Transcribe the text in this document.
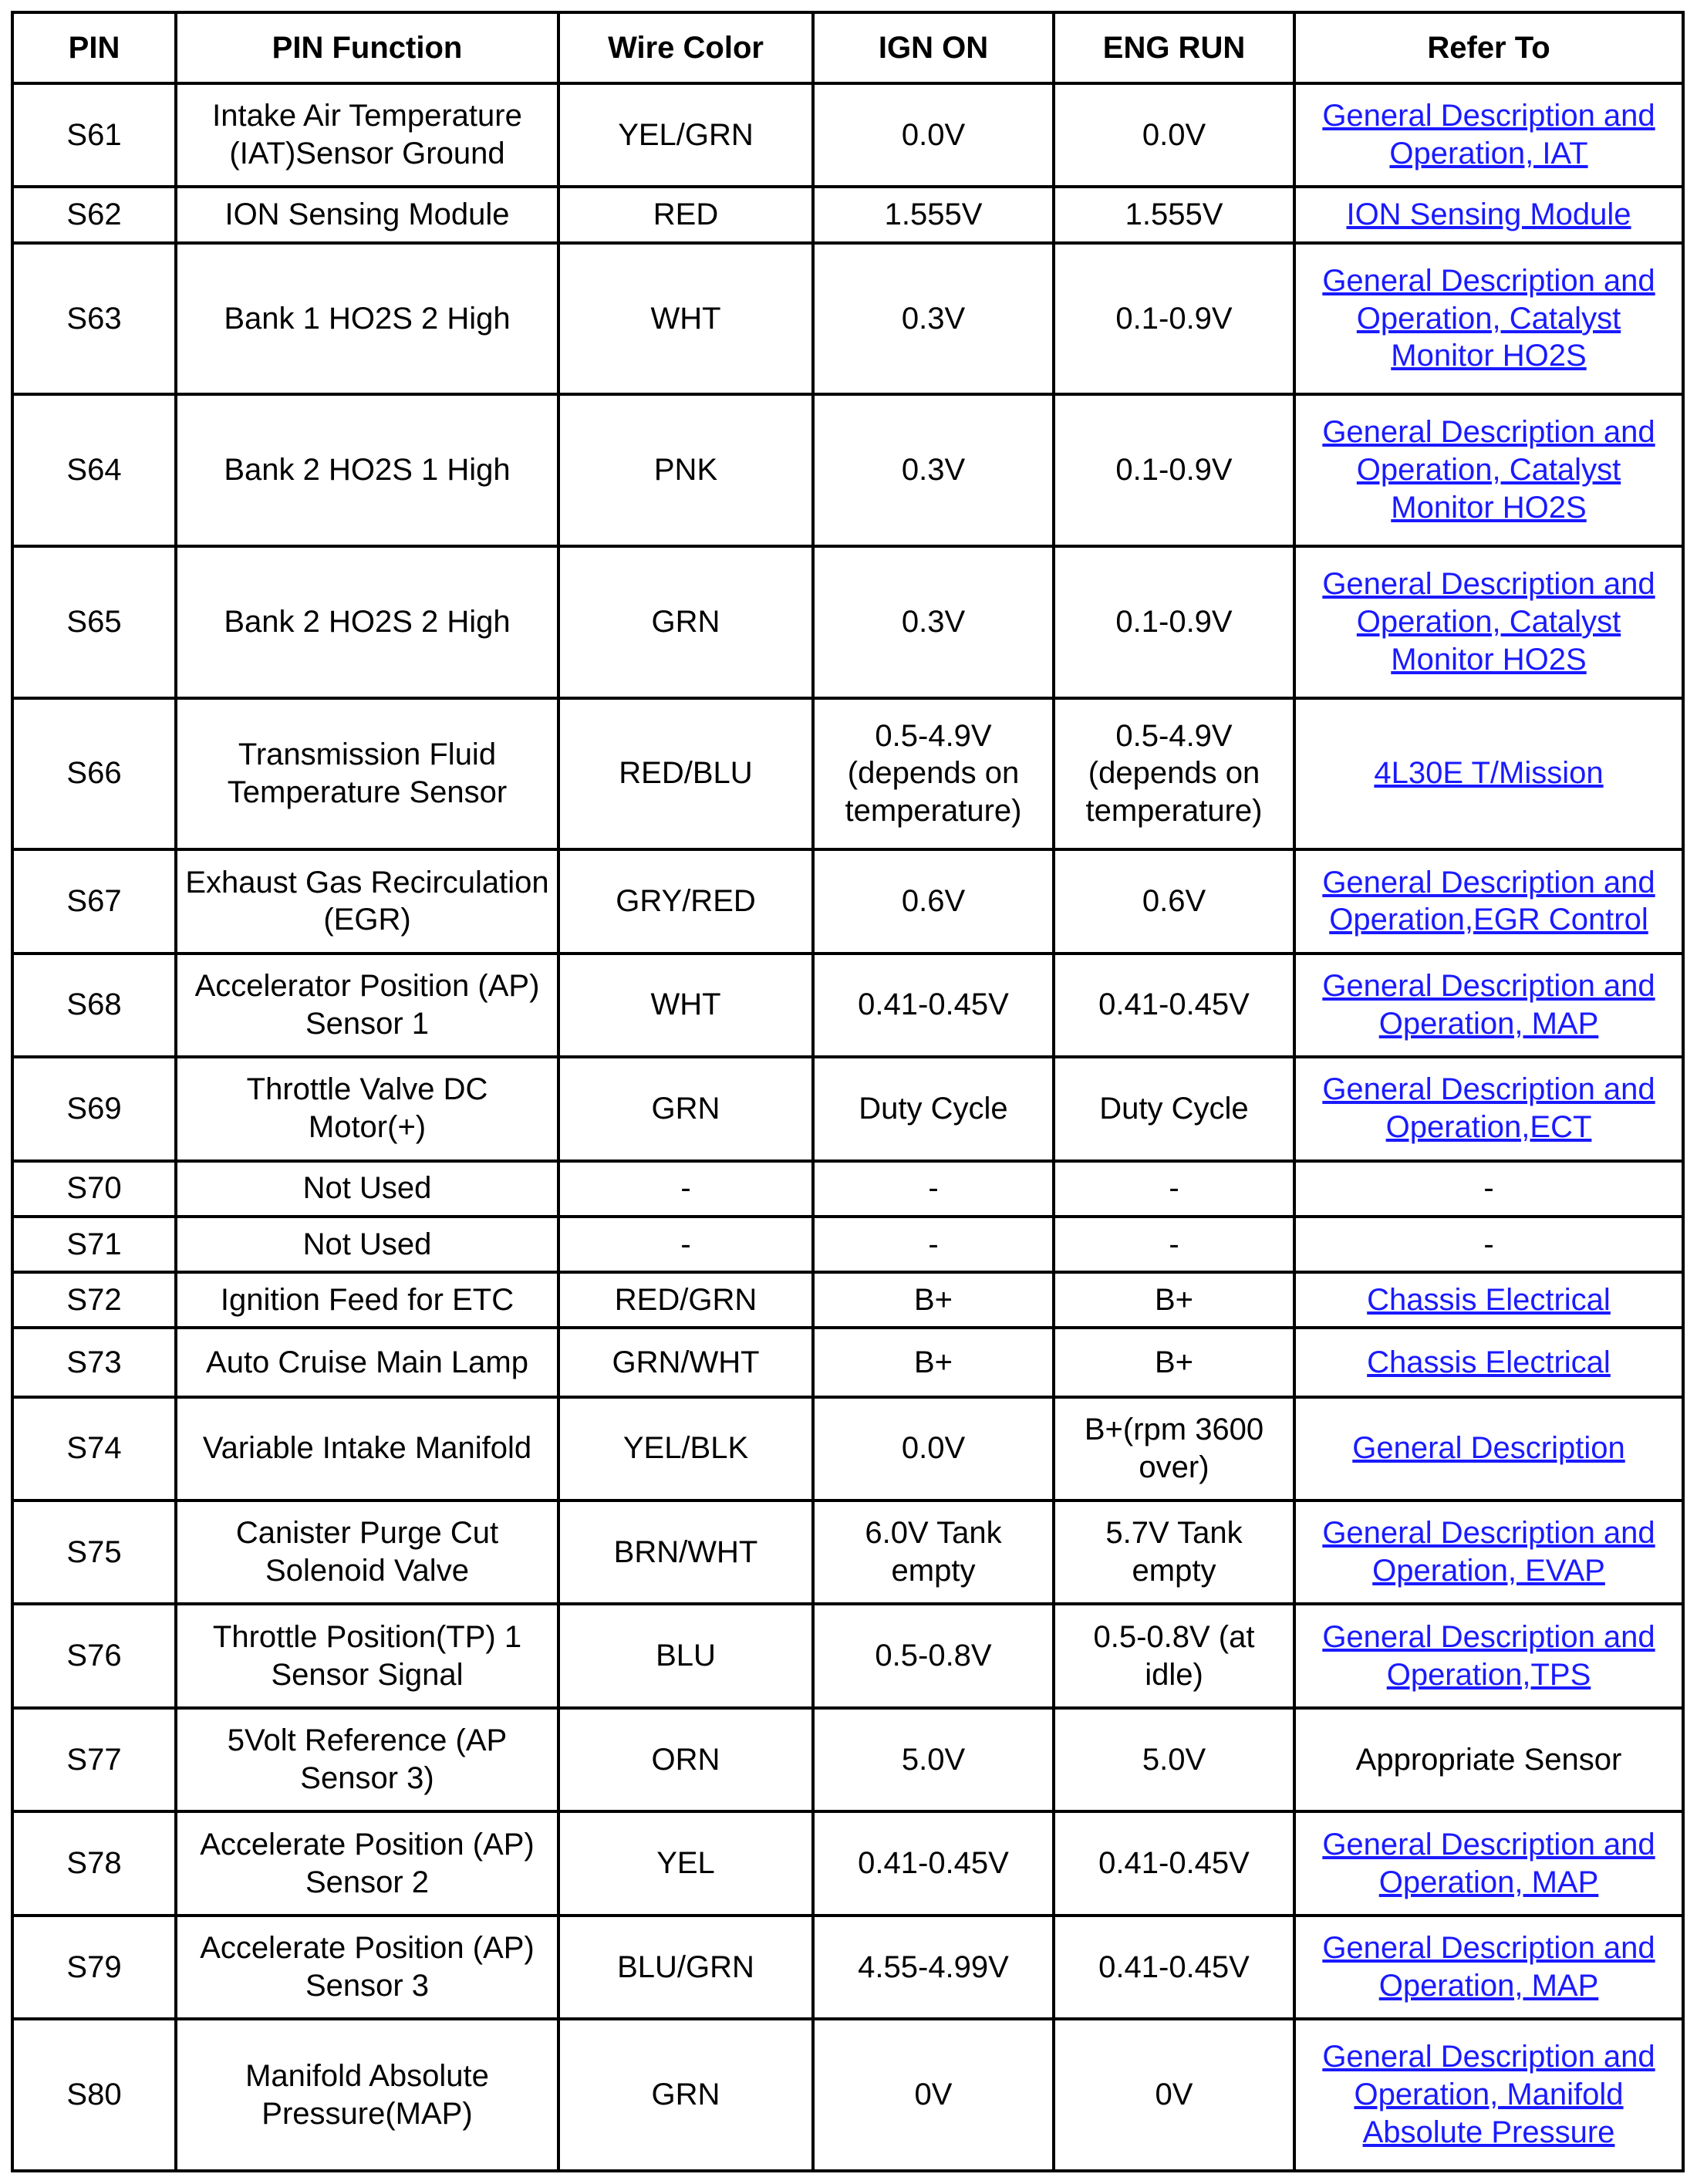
PIN	PIN Function	Wire Color	IGN ON	ENG RUN	Refer To
S61	Intake Air Temperature (IAT)Sensor Ground	YEL/GRN	0.0V	0.0V	General Description and Operation, IAT
S62	ION Sensing Module	RED	1.555V	1.555V	ION Sensing Module
S63	Bank 1 HO2S 2 High	WHT	0.3V	0.1-0.9V	General Description and Operation, Catalyst Monitor HO2S
S64	Bank 2 HO2S 1 High	PNK	0.3V	0.1-0.9V	General Description and Operation, Catalyst Monitor HO2S
S65	Bank 2 HO2S 2 High	GRN	0.3V	0.1-0.9V	General Description and Operation, Catalyst Monitor HO2S
S66	Transmission Fluid Temperature Sensor	RED/BLU	0.5-4.9V (depends on temperature)	0.5-4.9V (depends on temperature)	4L30E T/Mission
S67	Exhaust Gas Recirculation (EGR)	GRY/RED	0.6V	0.6V	General Description and Operation,EGR Control
S68	Accelerator Position (AP) Sensor 1	WHT	0.41-0.45V	0.41-0.45V	General Description and Operation, MAP
S69	Throttle Valve DC Motor(+)	GRN	Duty Cycle	Duty Cycle	General Description and Operation,ECT
S70	Not Used	-	-	-	-
S71	Not Used	-	-	-	-
S72	Ignition Feed for ETC	RED/GRN	B+	B+	Chassis Electrical
S73	Auto Cruise Main Lamp	GRN/WHT	B+	B+	Chassis Electrical
S74	Variable Intake Manifold	YEL/BLK	0.0V	B+(rpm 3600 over)	General Description
S75	Canister Purge Cut Solenoid Valve	BRN/WHT	6.0V Tank empty	5.7V Tank empty	General Description and Operation, EVAP
S76	Throttle Position(TP) 1 Sensor Signal	BLU	0.5-0.8V	0.5-0.8V (at idle)	General Description and Operation,TPS
S77	5Volt Reference (AP Sensor 3)	ORN	5.0V	5.0V	Appropriate Sensor
S78	Accelerate Position (AP) Sensor 2	YEL	0.41-0.45V	0.41-0.45V	General Description and Operation, MAP
S79	Accelerate Position (AP) Sensor 3	BLU/GRN	4.55-4.99V	0.41-0.45V	General Description and Operation, MAP
S80	Manifold Absolute Pressure(MAP)	GRN	0V	0V	General Description and Operation, Manifold Absolute Pressure
